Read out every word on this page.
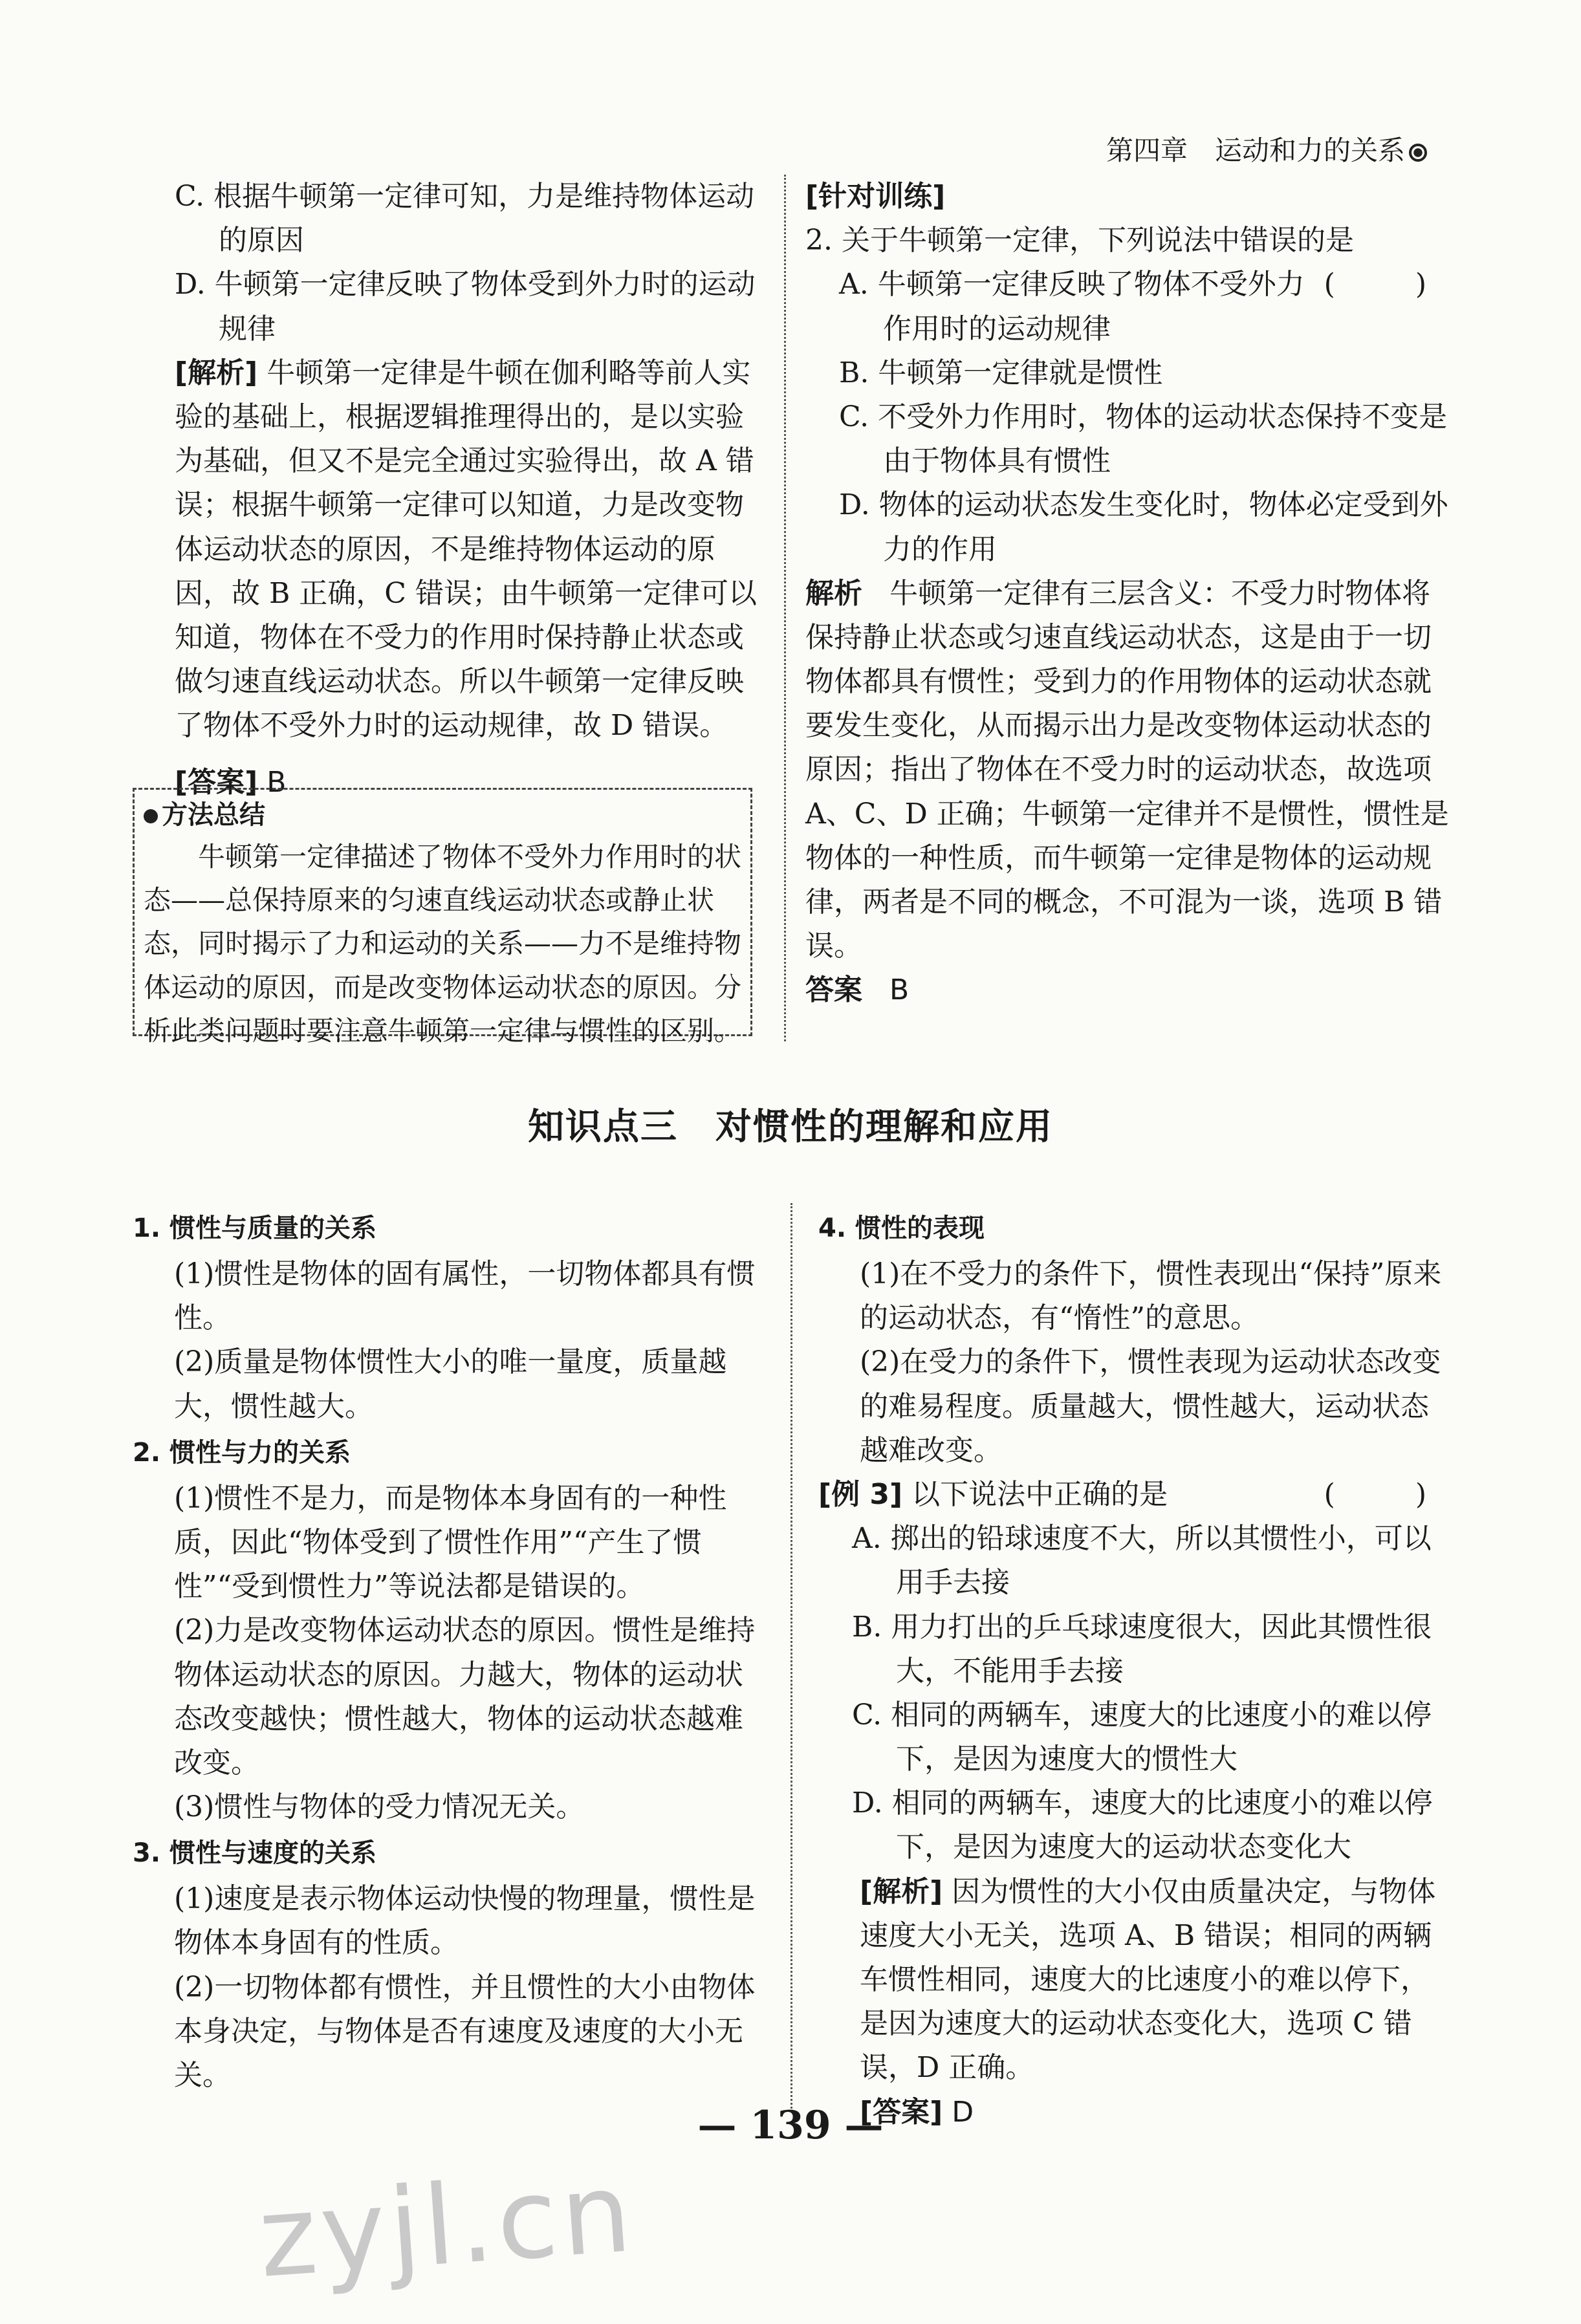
第四章　运动和力的关系

C. 根据牛顿第一定律可知，力是维持物体运动的原因

D. 牛顿第一定律反映了物体受到外力时的运动规律

[解析] 牛顿第一定律是牛顿在伽利略等前人实验的基础上，根据逻辑推理得出的，是以实验为基础，但又不是完全通过实验得出，故 A 错误；根据牛顿第一定律可以知道，力是改变物体运动状态的原因，不是维持物体运动的原因，故 B 正确，C 错误；由牛顿第一定律可以知道，物体在不受力的作用时保持静止状态或做匀速直线运动状态。所以牛顿第一定律反映了物体不受外力时的运动规律，故 D 错误。

[答案] B

方法总结

牛顿第一定律描述了物体不受外力作用时的状态——总保持原来的匀速直线运动状态或静止状态，同时揭示了力和运动的关系——力不是维持物体运动的原因，而是改变物体运动状态的原因。分析此类问题时要注意牛顿第一定律与惯性的区别。

[针对训练]

2. 关于牛顿第一定律，下列说法中错误的是
(　)

A. 牛顿第一定律反映了物体不受外力作用时的运动规律

B. 牛顿第一定律就是惯性

C. 不受外力作用时，物体的运动状态保持不变是由于物体具有惯性

D. 物体的运动状态发生变化时，物体必定受到外力的作用

解析 牛顿第一定律有三层含义：不受力时物体将保持静止状态或匀速直线运动状态，这是由于一切物体都具有惯性；受到力的作用物体的运动状态就要发生变化，从而揭示出力是改变物体运动状态的原因；指出了物体在不受力时的运动状态，故选项 A、C、D 正确；牛顿第一定律并不是惯性，惯性是物体的一种性质，而牛顿第一定律是物体的运动规律，两者是不同的概念，不可混为一谈，选项 B 错误。

答案 B

知识点三　对惯性的理解和应用

1. 惯性与质量的关系

(1)惯性是物体的固有属性，一切物体都具有惯性。

(2)质量是物体惯性大小的唯一量度，质量越大，惯性越大。

2. 惯性与力的关系

(1)惯性不是力，而是物体本身固有的一种性质，因此“物体受到了惯性作用”“产生了惯性”“受到惯性力”等说法都是错误的。

(2)力是改变物体运动状态的原因。惯性是维持物体运动状态的原因。力越大，物体的运动状态改变越快；惯性越大，物体的运动状态越难改变。

(3)惯性与物体的受力情况无关。

3. 惯性与速度的关系

(1)速度是表示物体运动快慢的物理量，惯性是物体本身固有的性质。

(2)一切物体都有惯性，并且惯性的大小由物体本身决定，与物体是否有速度及速度的大小无关。

4. 惯性的表现

(1)在不受力的条件下，惯性表现出“保持”原来的运动状态，有“惰性”的意思。

(2)在受力的条件下，惯性表现为运动状态改变的难易程度。质量越大，惯性越大，运动状态越难改变。

[例 3] 以下说法中正确的是	(　)

A. 掷出的铅球速度不大，所以其惯性小，可以用手去接

B. 用力打出的乒乓球速度很大，因此其惯性很大，不能用手去接

C. 相同的两辆车，速度大的比速度小的难以停下，是因为速度大的惯性大

D. 相同的两辆车，速度大的比速度小的难以停下，是因为速度大的运动状态变化大

[解析] 因为惯性的大小仅由质量决定，与物体速度大小无关，选项 A、B 错误；相同的两辆车惯性相同，速度大的比速度小的难以停下，是因为速度大的运动状态变化大，选项 C 错误，D 正确。

[答案] D

— 139 —
zyjl.cn
